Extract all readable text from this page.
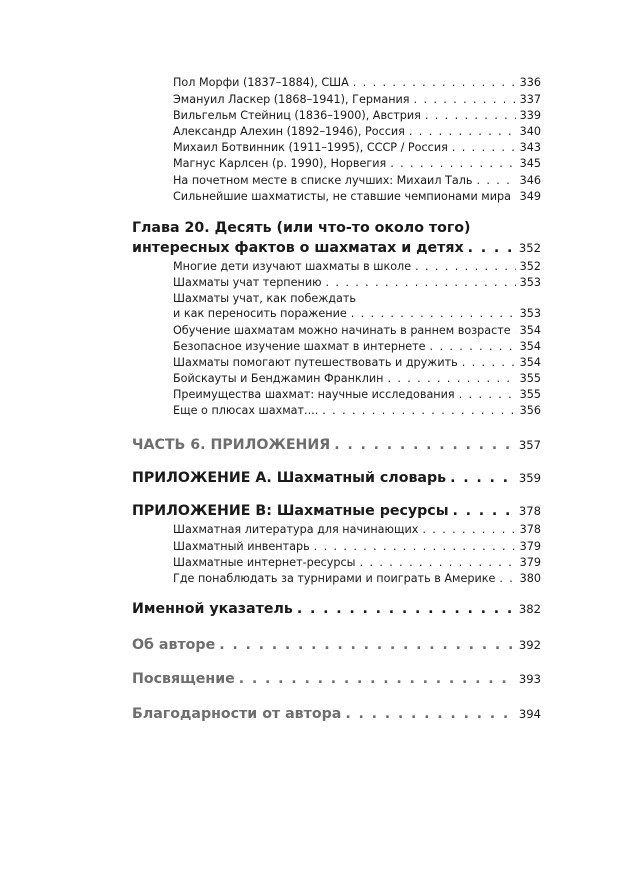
Пол Морфи (1837–1884), США . . .	336
Эмануил Ласкер (1868–1941), Германия . . .	337
Вильгельм Стейниц (1836–1900), Австрия . . .	339
Александр Алехин (1892–1946), Россия . . .	340
Михаил Ботвинник (1911–1995), СССР / Россия . . .	343
Магнус Карлсен (р. 1990), Норвегия . . .	345
На почетном месте в списке лучших: Михаил Таль . . .	346
Сильнейшие шахматисты, не ставшие чемпионами мира . . . 349
Глава 20. Десять (или что-то около того)
интересных фактов о шахматах и детях . . .	352
Многие дети изучают шахматы в школе . . .	352
Шахматы учат терпению . . .	353
Шахматы учат, как побеждать
и как переносить поражение . . .	353
Обучение шахматам можно начинать в раннем возрасте . . . 354
Безопасное изучение шахмат в интернете . . .	354
Шахматы помогают путешествовать и дружить . . .	354
Бойскауты и Бенджамин Франклин . . .	355
Преимущества шахмат: научные исследования . . .	355
Еще о плюсах шахмат.... . . .	356
ЧАСТЬ 6. ПРИЛОЖЕНИЯ . . .	357
ПРИЛОЖЕНИЕ А. Шахматный словарь . . .	359
ПРИЛОЖЕНИЕ В: Шахматные ресурсы . . .	378
Шахматная литература для начинающих . . .	378
Шахматный инвентарь . . .	379
Шахматные интернет-ресурсы . . .	379
Где понаблюдать за турнирами и поиграть в Америке . . . 380
Именной указатель . . .	382
Об авторе . . .	392
Посвящение . . .	393
Благодарности от автора . . .	394
